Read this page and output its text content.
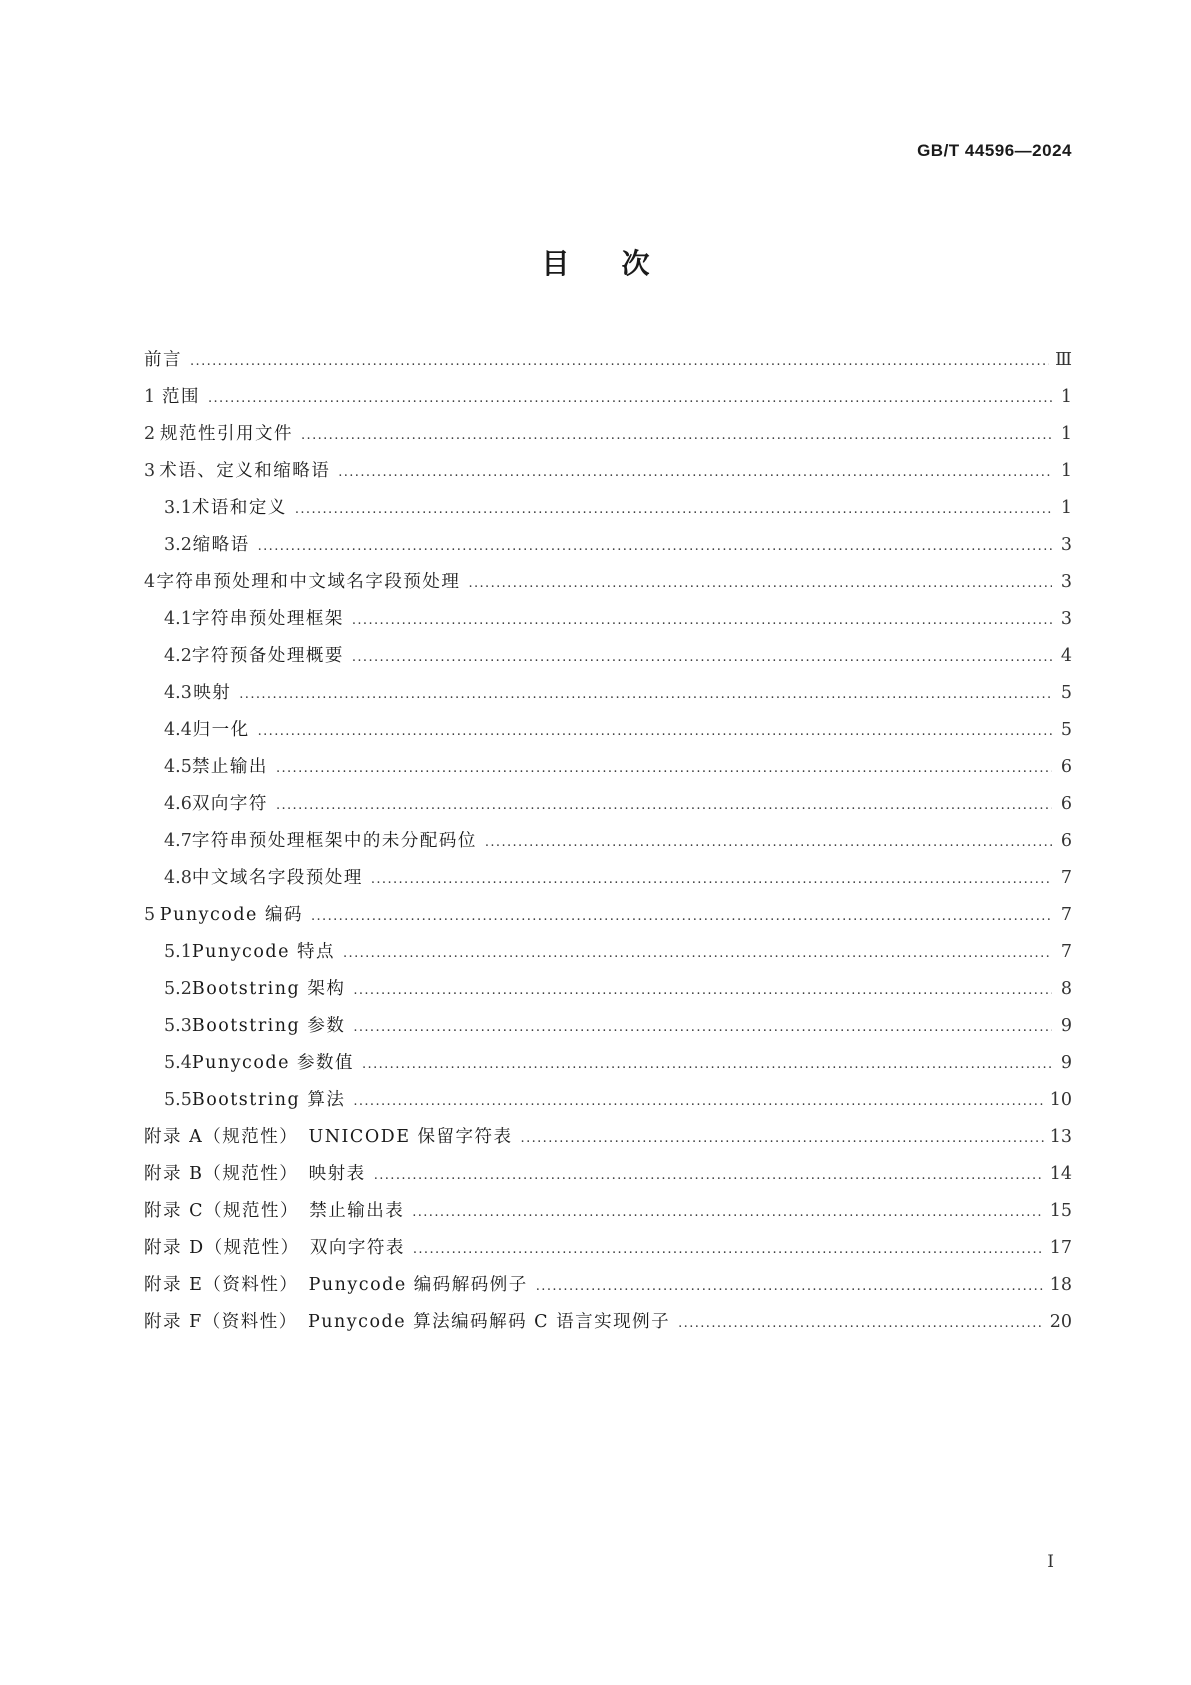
GB/T 44596—2024
目次
前言 .....	Ⅲ
1 范围 .....	1
2 规范性引用文件 .....	1
3 术语、定义和缩略语 .....	1
3.1 术语和定义 .....	1
3.2 缩略语 .....	3
4 字符串预处理和中文域名字段预处理 .....	3
4.1 字符串预处理框架 .....	3
4.2 字符预备处理概要 .....	4
4.3 映射 .....	5
4.4 归一化 .....	5
4.5 禁止输出 .....	6
4.6 双向字符 .....	6
4.7 字符串预处理框架中的未分配码位 .....	6
4.8 中文域名字段预处理 .....	7
5 Punycode 编码 .....	7
5.1 Punycode 特点 .....	7
5.2 Bootstring 架构 .....	8
5.3 Bootstring 参数 .....	9
5.4 Punycode 参数值 .....	9
5.5 Bootstring 算法 .....	10
附录 A（规范性）　UNICODE 保留字符表 .....	13
附录 B（规范性）　映射表 .....	14
附录 C（规范性）　禁止输出表 .....	15
附录 D（规范性）　双向字符表 .....	17
附录 E（资料性）　Punycode 编码解码例子 .....	18
附录 F（资料性）　Punycode 算法编码解码 C 语言实现例子 .....	20
I
